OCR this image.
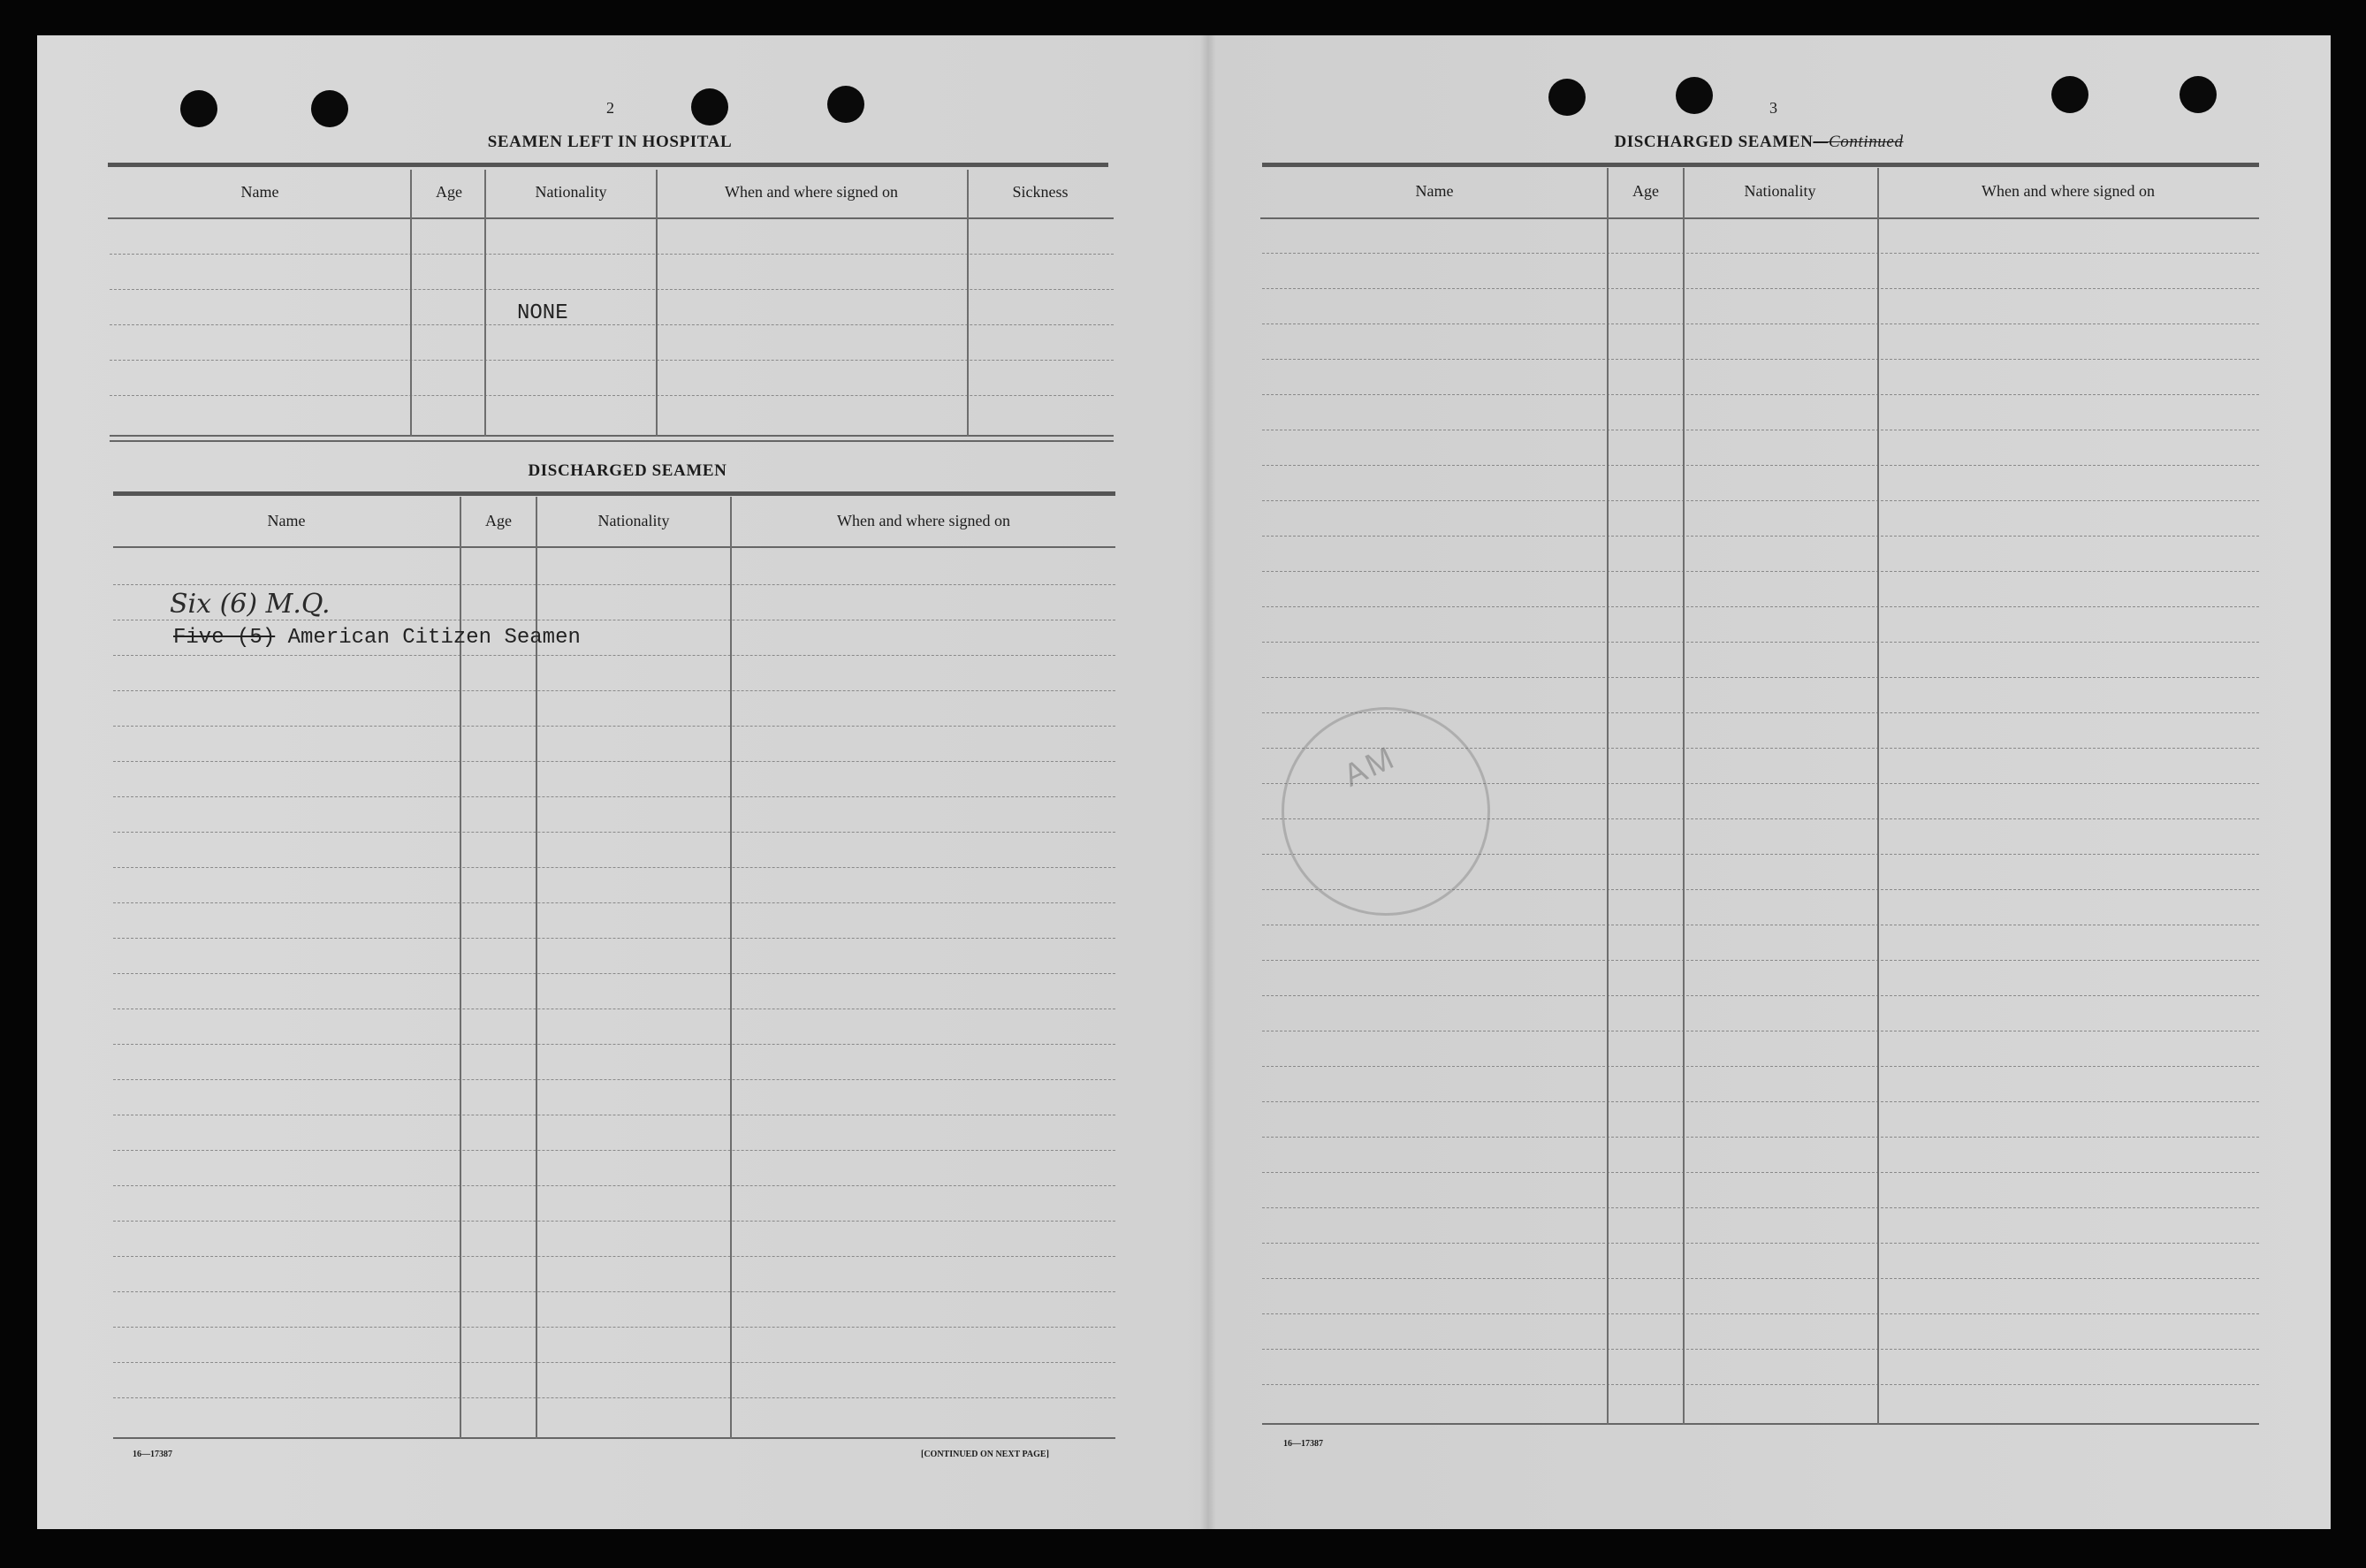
2
SEAMEN LEFT IN HOSPITAL
Name	Age	Nationality	When and where signed on	Sickness
NONE
DISCHARGED SEAMEN
Name	Age	Nationality	When and where signed on
Six (6) M.Q.
Five (5) American Citizen Seamen
16—17387	[CONTINUED ON NEXT PAGE]
3
DISCHARGED SEAMEN—Continued
Name	Age	Nationality	When and where signed on
AM
16—17387
